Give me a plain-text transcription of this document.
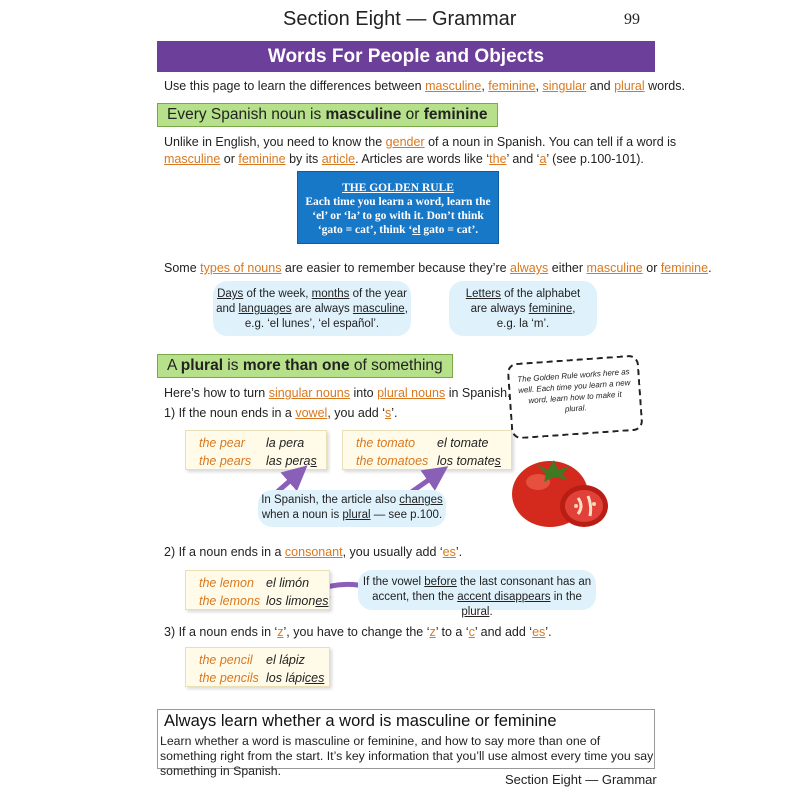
Section Eight — Grammar	99
Words For People and Objects
Use this page to learn the differences between masculine, feminine, singular and plural words.
Every Spanish noun is masculine or feminine
Unlike in English, you need to know the gender of a noun in Spanish. You can tell if a word is
masculine or feminine by its article. Articles are words like ‘the’ and ‘a’ (see p.100-101).
THE GOLDEN RULE
Each time you learn a word, learn the
‘el’ or ‘la’ to go with it. Don’t think
‘gato = cat’, think ‘el gato = cat’.
Some types of nouns are easier to remember because they’re always either masculine or feminine.
Days of the week, months of the year
and languages are always masculine,
e.g. ‘el lunes’, ‘el español’.
Letters of the alphabet
are always feminine,
e.g. la ‘m’.
A plural is more than one of something
The Golden Rule works here as well. Each time you learn a new word, learn how to make it plural.
Here’s how to turn singular nouns into plural nouns in Spanish.
1) If the noun ends in a vowel, you add ‘s’.
the pear la pera
the pears las peras
the tomato el tomate
the tomatoes los tomates
In Spanish, the article also changes
when a noun is plural — see p.100.
2) If a noun ends in a consonant, you usually add ‘es’.
the lemon el limón
the lemons los limones
If the vowel before the last consonant has an
accent, then the accent disappears in the plural.
3) If a noun ends in ‘z’, you have to change the ‘z’ to a ‘c’ and add ‘es’.
the pencil el lápiz
the pencils los lápices
Always learn whether a word is masculine or feminine
Learn whether a word is masculine or feminine, and how to say more than one of something right from the start. It’s key information that you’ll use almost every time you say something in Spanish.
Section Eight — Grammar
